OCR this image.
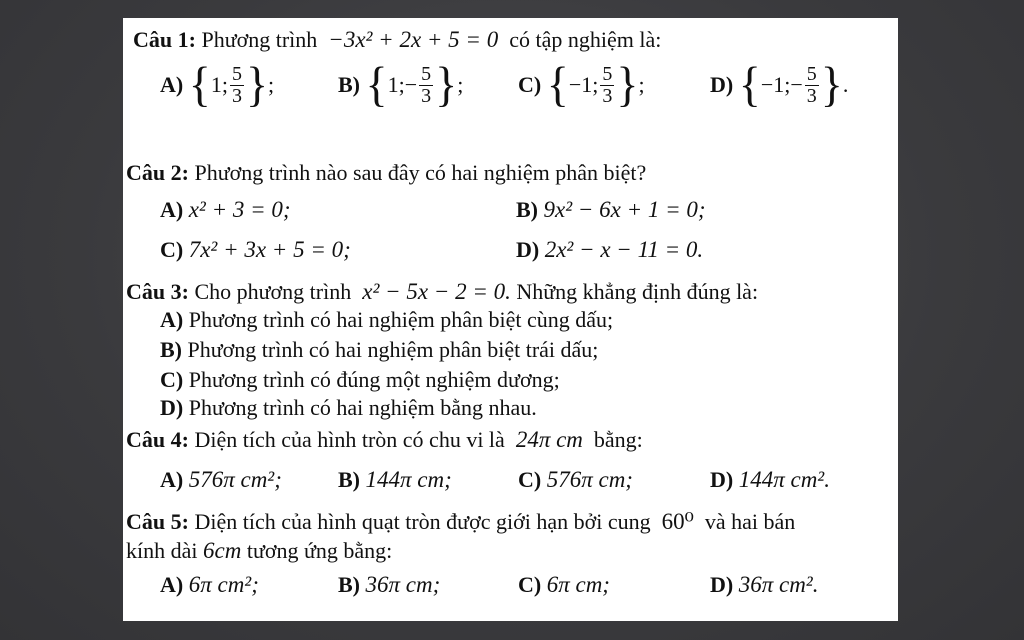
Câu 1: Phương trình −3x² + 2x + 5 = 0 có tập nghiệm là:
A)
{ 1; $\frac{5}{3}$ } ;	B)
{ 1;− $\frac{5}{3}$ } ; C)
{ −1; $\frac{5}{3}$ } ;	D)
{ −1;− $\frac{5}{3}$ } .
Câu 2: Phương trình nào sau đây có hai nghiệm phân biệt?
A) x² + 3 = 0;	B) 9x² − 6x + 1 = 0;
C) 7x² + 3x + 5 = 0;	D) 2x² − x − 11 = 0.
Câu 3: Cho phương trình x² − 5x − 2 = 0. Những khẳng định đúng là:
A) Phương trình có hai nghiệm phân biệt cùng dấu;
B) Phương trình có hai nghiệm phân biệt trái dấu;
C) Phương trình có đúng một nghiệm dương;
D) Phương trình có hai nghiệm bằng nhau.
Câu 4: Diện tích của hình tròn có chu vi là 24π cm bằng:
A) 576π cm²;	B) 144π cm;	C) 576π cm;	D) 144π cm².
Câu 5: Diện tích của hình quạt tròn được giới hạn bởi cung 60⁰ và hai bán
kính dài 6cm tương ứng bằng:
A) 6π cm²;	B) 36π cm;	C) 6π cm;	D) 36π cm².
